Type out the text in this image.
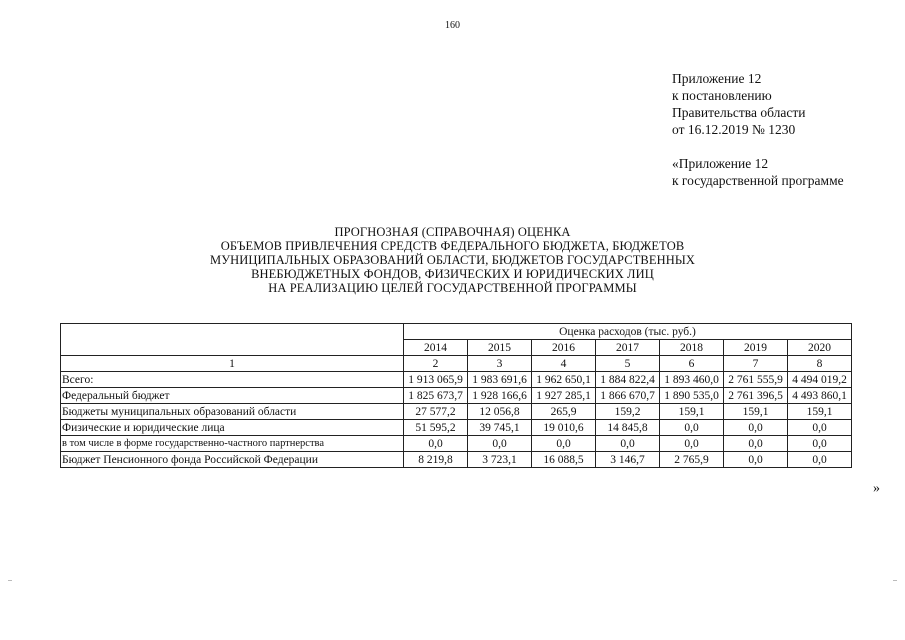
160
Приложение 12
к постановлению
Правительства области
от 16.12.2019 № 1230
«Приложение 12
к государственной программе
ПРОГНОЗНАЯ (СПРАВОЧНАЯ) ОЦЕНКА
ОБЪЕМОВ ПРИВЛЕЧЕНИЯ СРЕДСТВ ФЕДЕРАЛЬНОГО БЮДЖЕТА, БЮДЖЕТОВ
МУНИЦИПАЛЬНЫХ ОБРАЗОВАНИЙ ОБЛАСТИ, БЮДЖЕТОВ ГОСУДАРСТВЕННЫХ
ВНЕБЮДЖЕТНЫХ ФОНДОВ, ФИЗИЧЕСКИХ И ЮРИДИЧЕСКИХ ЛИЦ
НА РЕАЛИЗАЦИЮ ЦЕЛЕЙ ГОСУДАРСТВЕННОЙ ПРОГРАММЫ
	Оценка расходов (тыс. руб.)						
	2014	2015	2016	2017	2018	2019	2020
1	2	3	4	5	6	7	8
Всего:	1 913 065,9	1 983 691,6	1 962 650,1	1 884 822,4	1 893 460,0	2 761 555,9	4 494 019,2
Федеральный бюджет	1 825 673,7	1 928 166,6	1 927 285,1	1 866 670,7	1 890 535,0	2 761 396,5	4 493 860,1
Бюджеты муниципальных образований области	27 577,2	12 056,8	265,9	159,2	159,1	159,1	159,1
Физические и юридические лица	51 595,2	39 745,1	19 010,6	14 845,8	0,0	0,0	0,0
в том числе в форме государственно-частного партнерства	0,0	0,0	0,0	0,0	0,0	0,0	0,0
Бюджет Пенсионного фонда Российской Федерации	8 219,8	3 723,1	16 088,5	3 146,7	2 765,9	0,0	0,0
»
